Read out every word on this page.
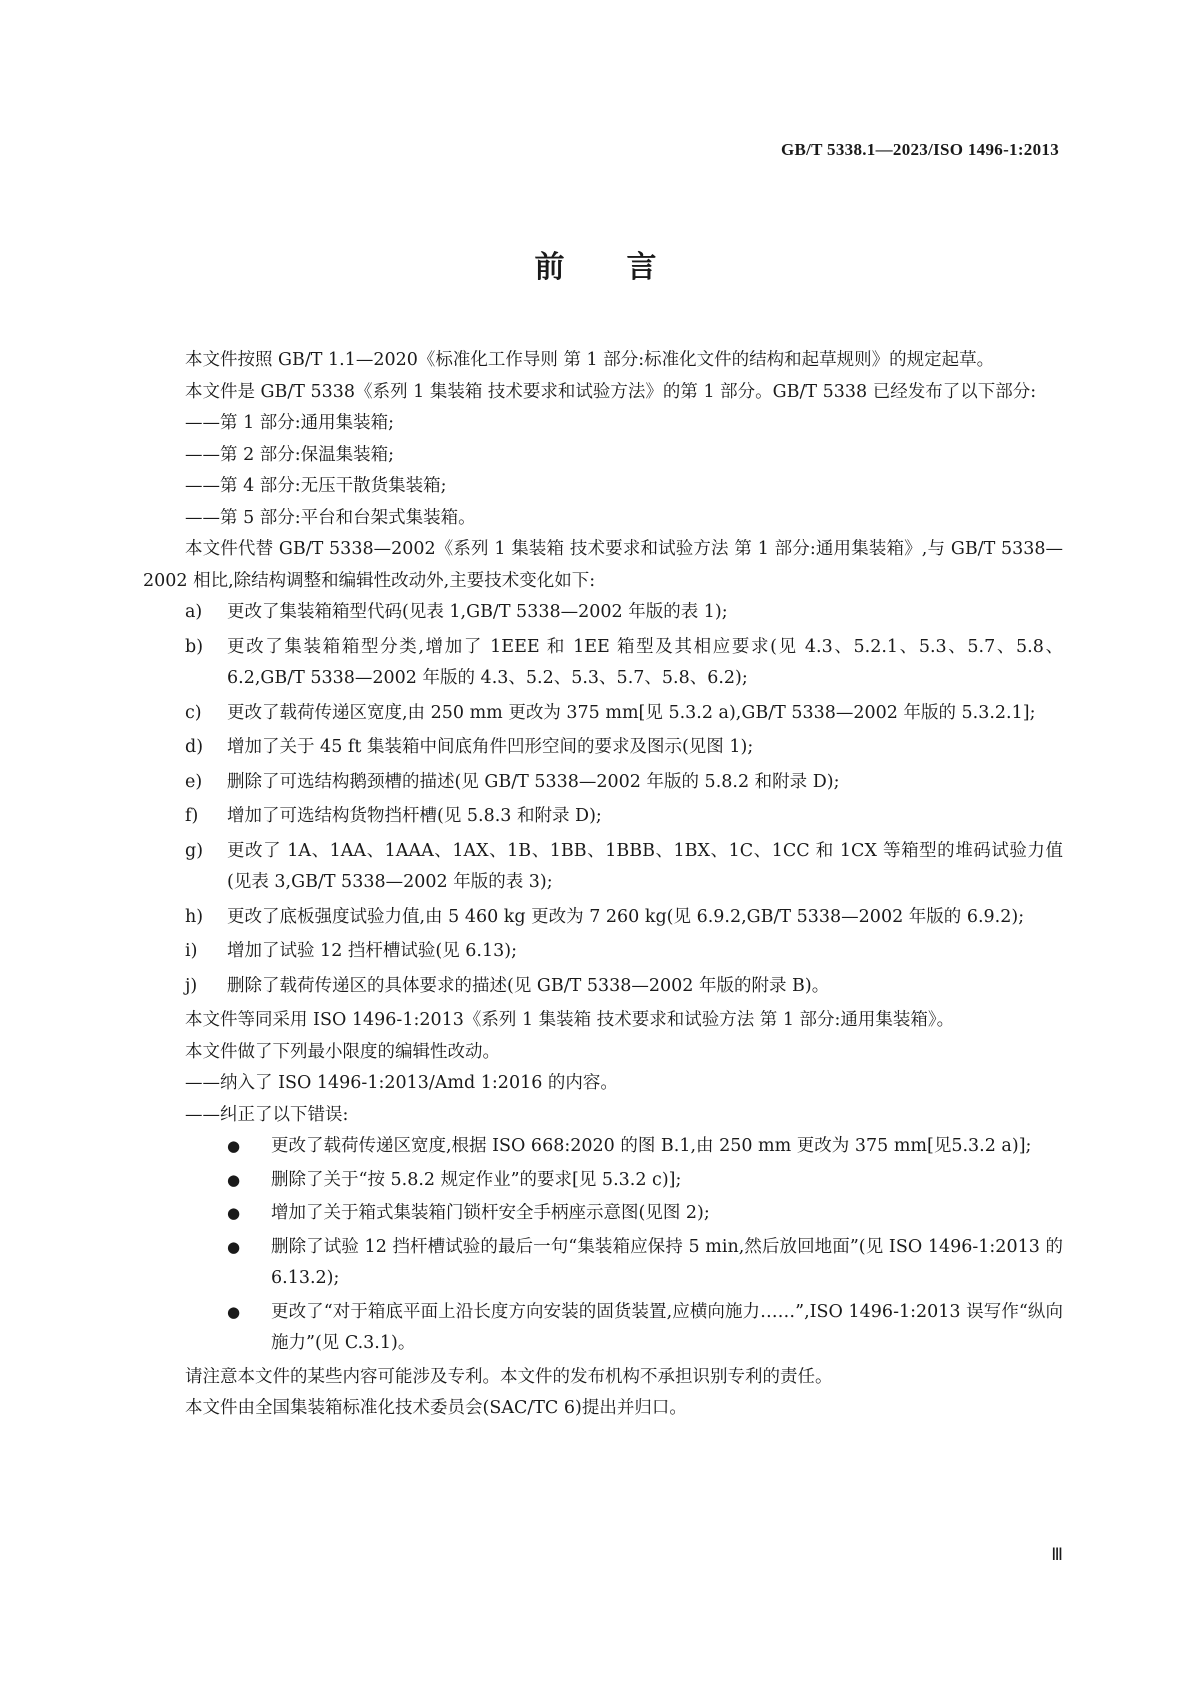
GB/T 5338.1—2023/ISO 1496-1:2013
前言

本文件按照 GB/T 1.1—2020《标准化工作导则 第 1 部分:标准化文件的结构和起草规则》的规定起草。

本文件是 GB/T 5338《系列 1 集装箱 技术要求和试验方法》的第 1 部分。GB/T 5338 已经发布了以下部分:

——第 1 部分:通用集装箱;

——第 2 部分:保温集装箱;

——第 4 部分:无压干散货集装箱;

——第 5 部分:平台和台架式集装箱。

本文件代替 GB/T 5338—2002《系列 1 集装箱 技术要求和试验方法 第 1 部分:通用集装箱》,与 GB/T 5338—2002 相比,除结构调整和编辑性改动外,主要技术变化如下:

a)	更改了集装箱箱型代码(见表 1,GB/T 5338—2002 年版的表 1);
b)	更改了集装箱箱型分类,增加了 1EEE 和 1EE 箱型及其相应要求(见 4.3、5.2.1、5.3、5.7、5.8、6.2,GB/T 5338—2002 年版的 4.3、5.2、5.3、5.7、5.8、6.2);
c)	更改了载荷传递区宽度,由 250 mm 更改为 375 mm[见 5.3.2 a),GB/T 5338—2002 年版的 5.3.2.1];
d)	增加了关于 45 ft 集装箱中间底角件凹形空间的要求及图示(见图 1);
e)	删除了可选结构鹅颈槽的描述(见 GB/T 5338—2002 年版的 5.8.2 和附录 D);
f)	增加了可选结构货物挡杆槽(见 5.8.3 和附录 D);
g)	更改了 1A、1AA、1AAA、1AX、1B、1BB、1BBB、1BX、1C、1CC 和 1CX 等箱型的堆码试验力值(见表 3,GB/T 5338—2002 年版的表 3);
h)	更改了底板强度试验力值,由 5 460 kg 更改为 7 260 kg(见 6.9.2,GB/T 5338—2002 年版的 6.9.2);
i)	增加了试验 12 挡杆槽试验(见 6.13);
j)	删除了载荷传递区的具体要求的描述(见 GB/T 5338—2002 年版的附录 B)。

本文件等同采用 ISO 1496-1:2013《系列 1 集装箱 技术要求和试验方法 第 1 部分:通用集装箱》。

本文件做了下列最小限度的编辑性改动。

——纳入了 ISO 1496-1:2013/Amd 1:2016 的内容。

——纠正了以下错误:

●	更改了载荷传递区宽度,根据 ISO 668:2020 的图 B.1,由 250 mm 更改为 375 mm[见5.3.2 a)];
●	删除了关于“按 5.8.2 规定作业”的要求[见 5.3.2 c)];
●	增加了关于箱式集装箱门锁杆安全手柄座示意图(见图 2);
●	删除了试验 12 挡杆槽试验的最后一句“集装箱应保持 5 min,然后放回地面”(见 ISO 1496-1:2013 的 6.13.2);
●	更改了“对于箱底平面上沿长度方向安装的固货装置,应横向施力……”,ISO 1496-1:2013 误写作“纵向施力”(见 C.3.1)。

请注意本文件的某些内容可能涉及专利。本文件的发布机构不承担识别专利的责任。

本文件由全国集装箱标准化技术委员会(SAC/TC 6)提出并归口。

Ⅲ
